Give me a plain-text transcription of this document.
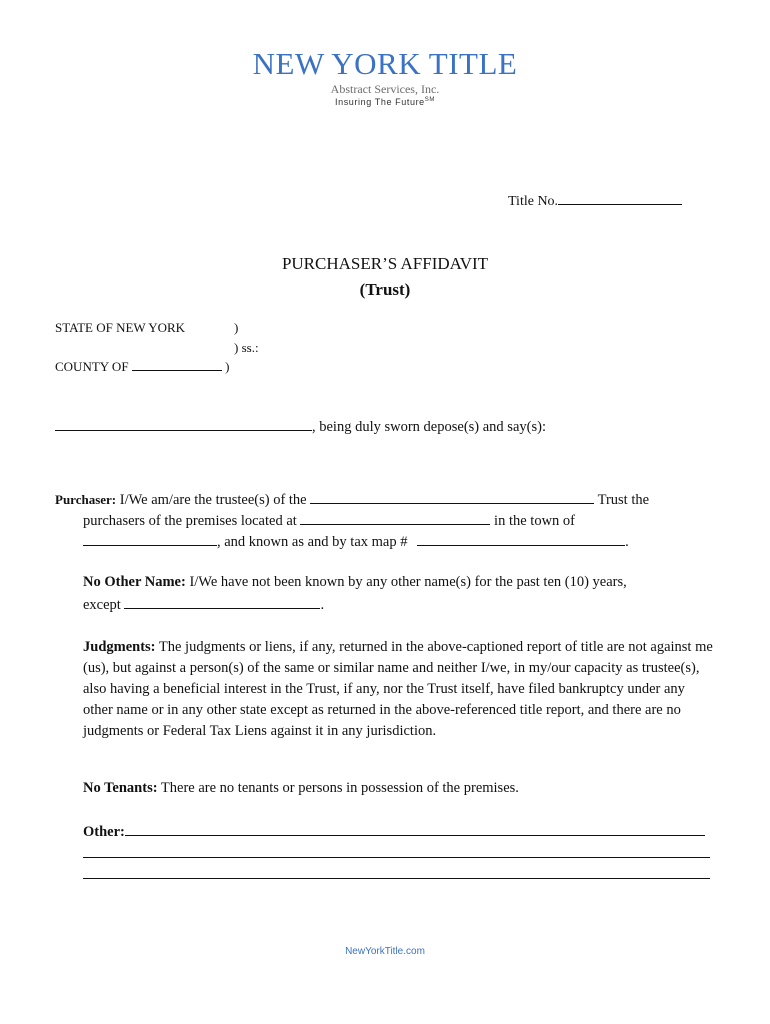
NEW YORK TITLE
Abstract Services, Inc.
Insuring The Future℠
Title No.
PURCHASER’S AFFIDAVIT
(Trust)
STATE OF NEW YORK	)
) ss.:
COUNTY OF	)
, being duly sworn depose(s) and say(s):
Purchaser: I/We am/are the trustee(s) of the	Trust the
purchasers of the premises located at	in the town of
, and known as and by tax map #	.
No Other Name: I/We have not been known by any other name(s) for the past ten (10) years,
except	.
Judgments: The judgments or liens, if any, returned in the above-captioned report of title are not against me (us), but against a person(s) of the same or similar name and neither I/we, in my/our capacity as trustee(s), also having a beneficial interest in the Trust, if any, nor the Trust itself, have filed bankruptcy under any other name or in any other state except as returned in the above-referenced title report, and there are no judgments or Federal Tax Liens against it in any jurisdiction.
No Tenants: There are no tenants or persons in possession of the premises.
Other:
NewYorkTitle.com
